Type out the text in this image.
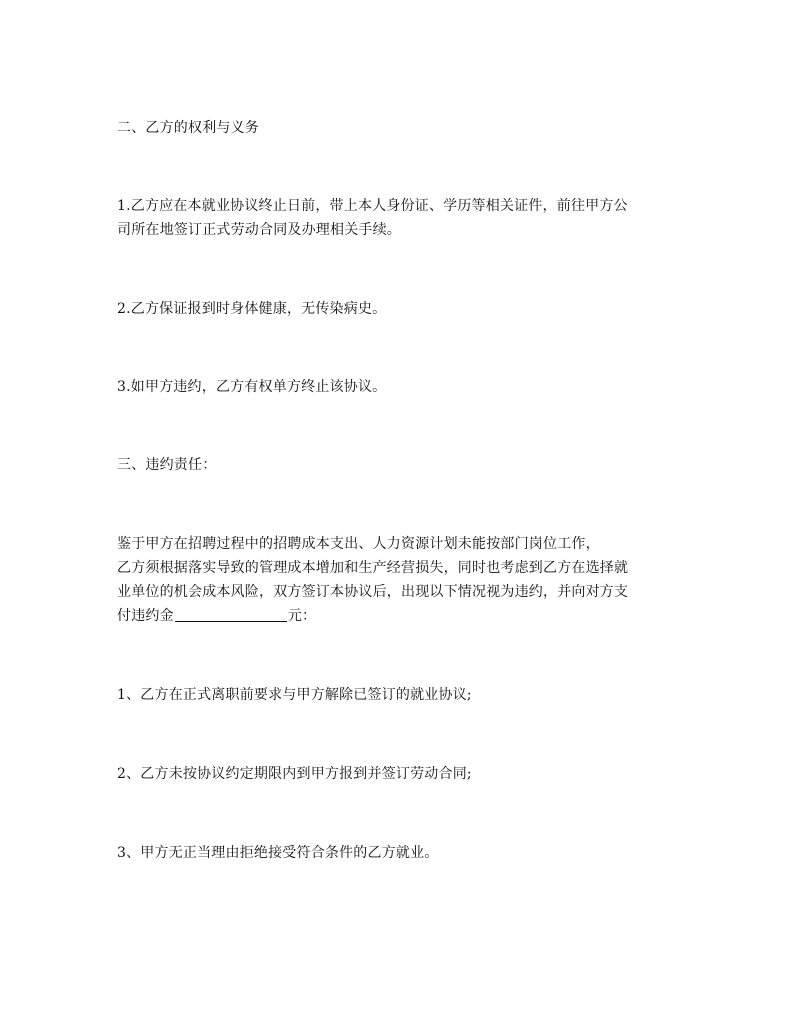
二、乙方的权利与义务

1.乙方应在本就业协议终止日前，带上本人身份证、学历等相关证件，前往甲方公
司所在地签订正式劳动合同及办理相关手续。

2.乙方保证报到时身体健康，无传染病史。

3.如甲方违约，乙方有权单方终止该协议。

三、违约责任：

鉴于甲方在招聘过程中的招聘成本支出、人力资源计划未能按部门岗位工作，
乙方须根据落实导致的管理成本增加和生产经营损失，同时也考虑到乙方在选择就
业单位的机会成本风险，双方签订本协议后，出现以下情况视为违约，并向对方支
付违约金	元：

1、乙方在正式离职前要求与甲方解除已签订的就业协议;

2、乙方未按协议约定期限内到甲方报到并签订劳动合同;

3、甲方无正当理由拒绝接受符合条件的乙方就业。
